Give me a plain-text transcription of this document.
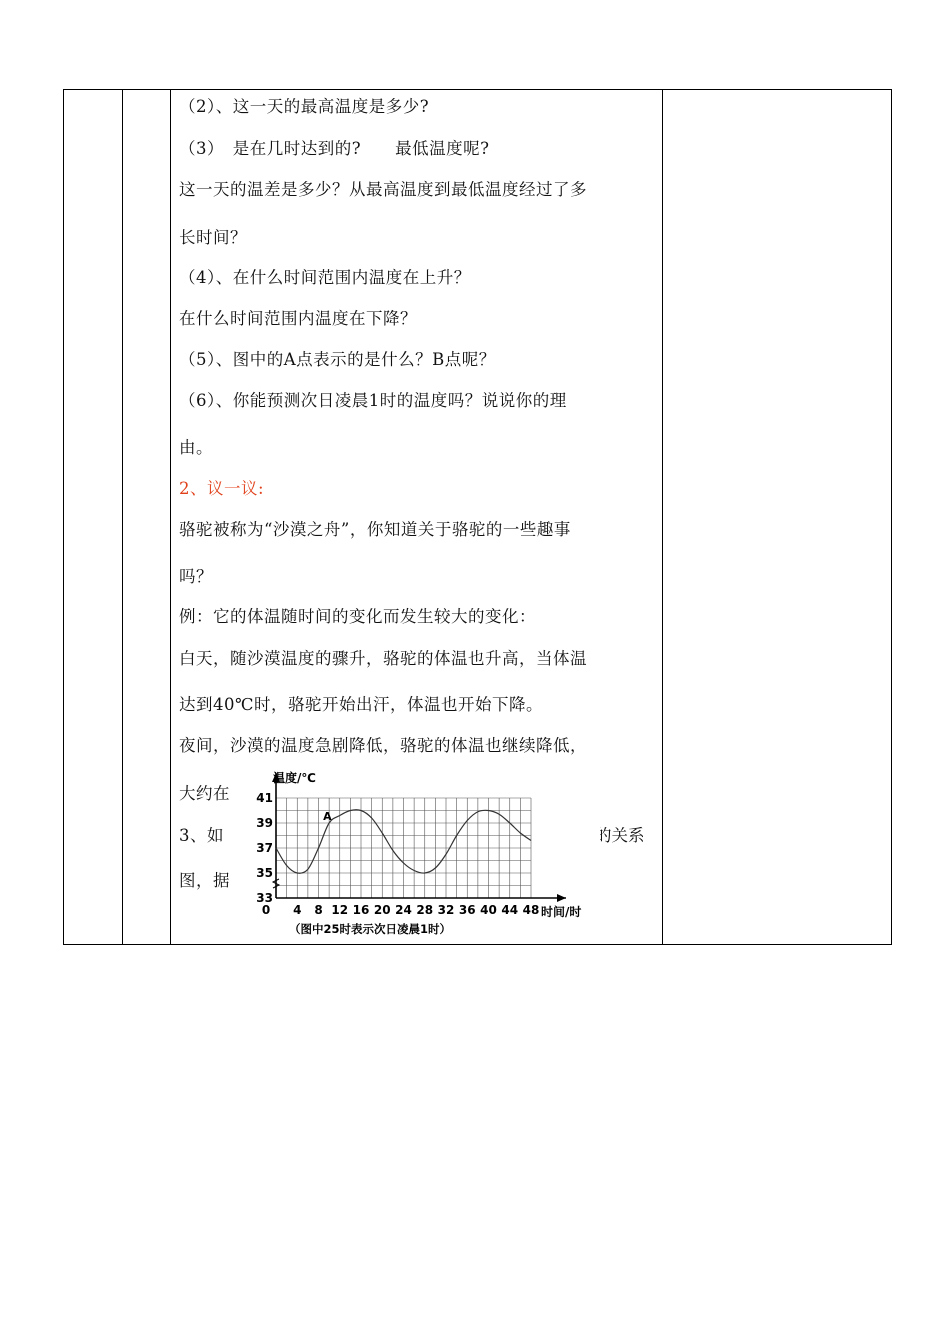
（2）、这一天的最高温度是多少?
（3）　是在几时达到的?　　最低温度呢?
这一天的温差是多少？从最高温度到最低温度经过了多
长时间？
（4）、在什么时间范围内温度在上升？
在什么时间范围内温度在下降？
（5）、图中的A点表示的是什么？B点呢？
（6）、你能预测次日凌晨1时的温度吗？说说你的理
由。
2、议一议:
骆驼被称为“沙漠之舟”，你知道关于骆驼的一些趣事
吗？
例：它的体温随时间的变化而发生较大的变化：
白天，随沙漠温度的骤升，骆驼的体温也升高，当体温
达到40℃时，骆驼开始出汗，体温也开始下降。
夜间，沙漠的温度急剧降低，骆驼的体温也继续降低，
大约在
3、如	的关系
图，据
0 4 8 12 16 20 24 28 32 36 40 44 48
33
35
37
39
41
温度/℃
时间/时
（图中25时表示次日凌晨1时）
A
